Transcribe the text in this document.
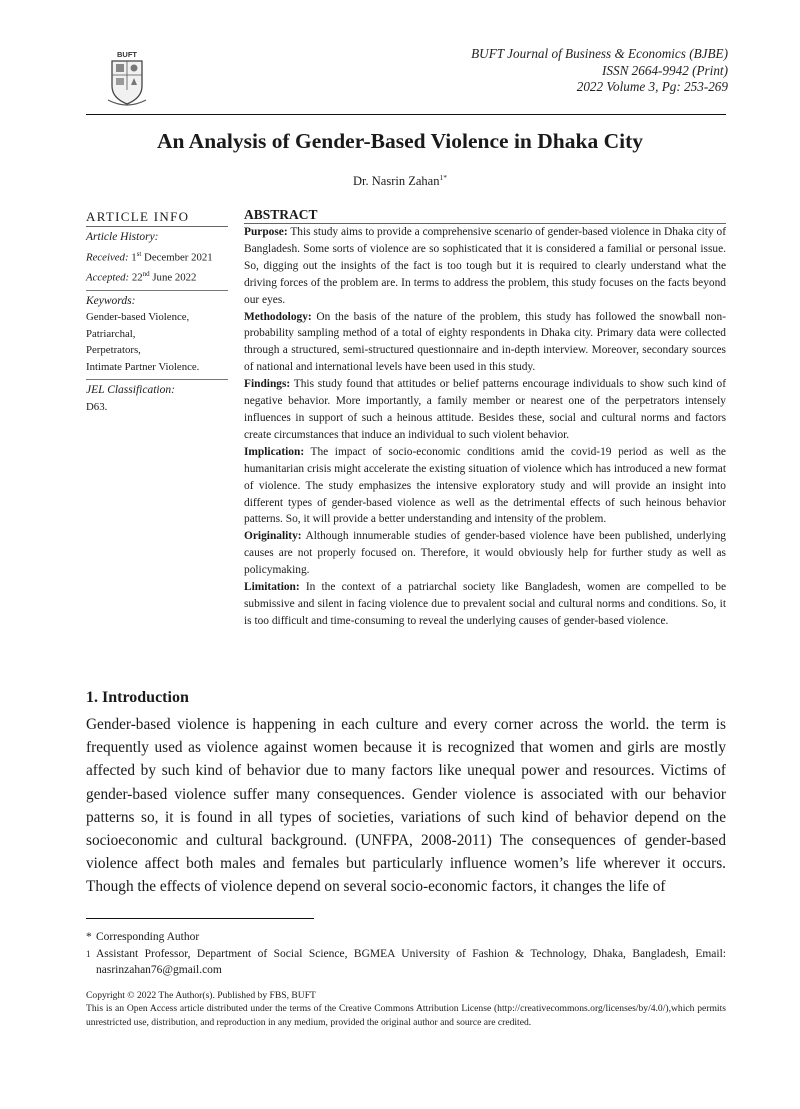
BUFT	BUFT Journal of Business & Economics (BJBE)
ISSN 2664-9942 (Print)
2022 Volume 3, Pg: 253-269
An Analysis of Gender-Based Violence in Dhaka City
Dr. Nasrin Zahan$^{1*}$
ARTICLE INFO
Article History:
Received: 1st December 2021
Accepted: 22nd June 2022
Keywords:
Gender-based Violence,
Patriarchal,
Perpetrators,
Intimate Partner Violence.
JEL Classification:
D63.
ABSTRACT

Purpose: This study aims to provide a comprehensive scenario of gender-based violence in Dhaka city of Bangladesh. Some sorts of violence are so sophisticated that it is considered a familial or personal issue. So, digging out the insights of the fact is too tough but it is required to clearly understand what the driving forces of the problem are. In terms to address the problem, this study focuses on the facts beyond our eyes.

Methodology: On the basis of the nature of the problem, this study has followed the snowball non-probability sampling method of a total of eighty respondents in Dhaka city. Primary data were collected through a structured, semi-structured questionnaire and in-depth interview. Moreover, secondary sources of national and international levels have been used in this study.

Findings: This study found that attitudes or belief patterns encourage individuals to show such kind of negative behavior. More importantly, a family member or nearest one of the perpetrators intensely influences in support of such a heinous attitude. Besides these, social and cultural norms and factors create circumstances that induce an individual to such violent behavior.

Implication: The impact of socio-economic conditions amid the covid-19 period as well as the humanitarian crisis might accelerate the existing situation of violence which has introduced a new format of violence. The study emphasizes the intensive exploratory study and will provide an insight into different types of gender-based violence as well as the detrimental effects of such heinous behavior patterns. So, it will provide a better understanding and intensity of the problem.

Originality: Although innumerable studies of gender-based violence have been published, underlying causes are not properly focused on. Therefore, it would obviously help for further study as well as policymaking.

Limitation: In the context of a patriarchal society like Bangladesh, women are compelled to be submissive and silent in facing violence due to prevalent social and cultural norms and conditions. So, it is too difficult and time-consuming to reveal the underlying causes of gender-based violence.

1. Introduction

Gender-based violence is happening in each culture and every corner across the world. the term is frequently used as violence against women because it is recognized that women and girls are mostly affected by such kind of behavior due to many factors like unequal power and resources. Victims of gender-based violence suffer many consequences. Gender violence is associated with our behavior patterns so, it is found in all types of societies, variations of such kind of behavior depend on the socioeconomic and cultural background. (UNFPA, 2008-2011) The consequences of gender-based violence affect both males and females but particularly influence women’s life wherever it occurs. Though the effects of violence depend on several socio-economic factors, it changes the life of

* Corresponding Author
1 Assistant Professor, Department of Social Science, BGMEA University of Fashion & Technology, Dhaka, Bangladesh, Email: nasrinzahan76@gmail.com

Copyright © 2022 The Author(s). Published by FBS, BUFT

This is an Open Access article distributed under the terms of the Creative Commons Attribution License (http://creativecommons.org/licenses/by/4.0/),which permits unrestricted use, distribution, and reproduction in any medium, provided the original author and source are credited.
